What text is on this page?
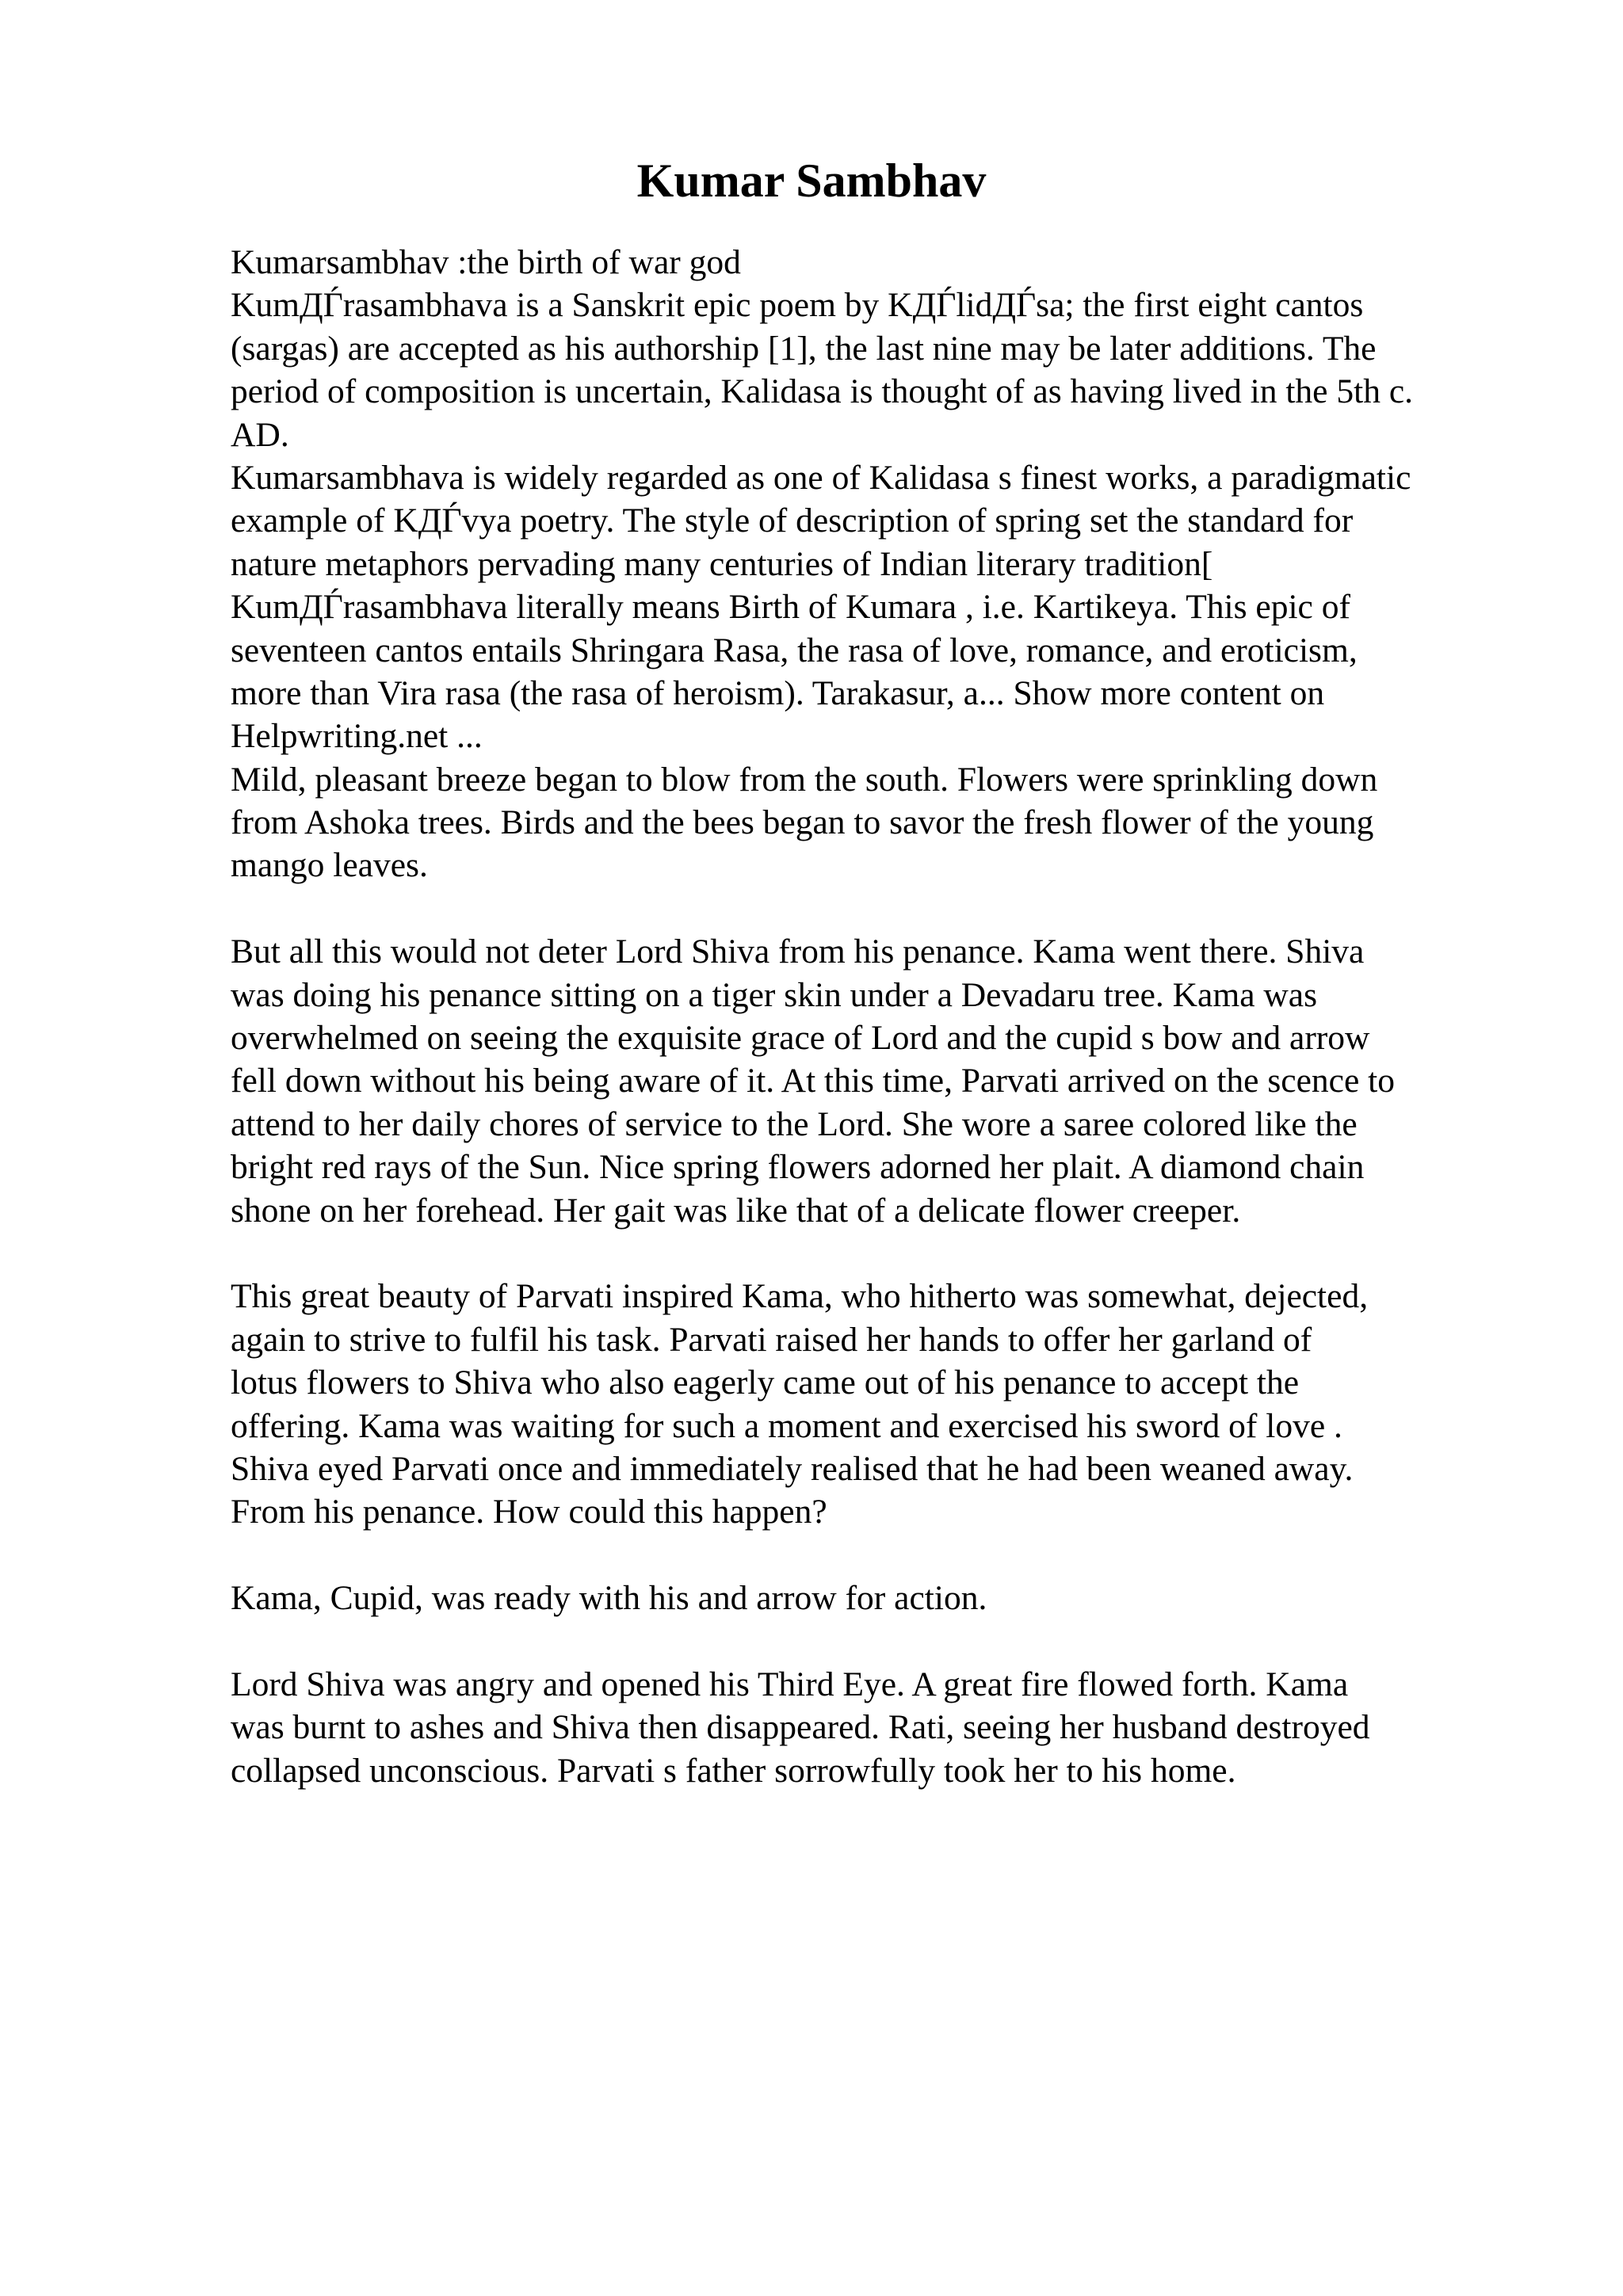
Kumar Sambhav
Kumarsambhav :the birth of war god
KumДЃrasambhava is a Sanskrit epic poem by KДЃlidДЃsa; the first eight cantos
(sargas) are accepted as his authorship [1], the last nine may be later additions. The
period of composition is uncertain, Kalidasa is thought of as having lived in the 5th c.
AD.
Kumarsambhava is widely regarded as one of Kalidasa s finest works, a paradigmatic
example of KДЃvya poetry. The style of description of spring set the standard for
nature metaphors pervading many centuries of Indian literary tradition[
KumДЃrasambhava literally means Birth of Kumara , i.e. Kartikeya. This epic of
seventeen cantos entails Shringara Rasa, the rasa of love, romance, and eroticism,
more than Vira rasa (the rasa of heroism). Tarakasur, a... Show more content on
Helpwriting.net ...
Mild, pleasant breeze began to blow from the south. Flowers were sprinkling down
from Ashoka trees. Birds and the bees began to savor the fresh flower of the young
mango leaves.
But all this would not deter Lord Shiva from his penance. Kama went there. Shiva
was doing his penance sitting on a tiger skin under a Devadaru tree. Kama was
overwhelmed on seeing the exquisite grace of Lord and the cupid s bow and arrow
fell down without his being aware of it. At this time, Parvati arrived on the scence to
attend to her daily chores of service to the Lord. She wore a saree colored like the
bright red rays of the Sun. Nice spring flowers adorned her plait. A diamond chain
shone on her forehead. Her gait was like that of a delicate flower creeper.
This great beauty of Parvati inspired Kama, who hitherto was somewhat, dejected,
again to strive to fulfil his task. Parvati raised her hands to offer her garland of
lotus flowers to Shiva who also eagerly came out of his penance to accept the
offering. Kama was waiting for such a moment and exercised his sword of love .
Shiva eyed Parvati once and immediately realised that he had been weaned away.
From his penance. How could this happen?
Kama, Cupid, was ready with his and arrow for action.
Lord Shiva was angry and opened his Third Eye. A great fire flowed forth. Kama
was burnt to ashes and Shiva then disappeared. Rati, seeing her husband destroyed
collapsed unconscious. Parvati s father sorrowfully took her to his home.
